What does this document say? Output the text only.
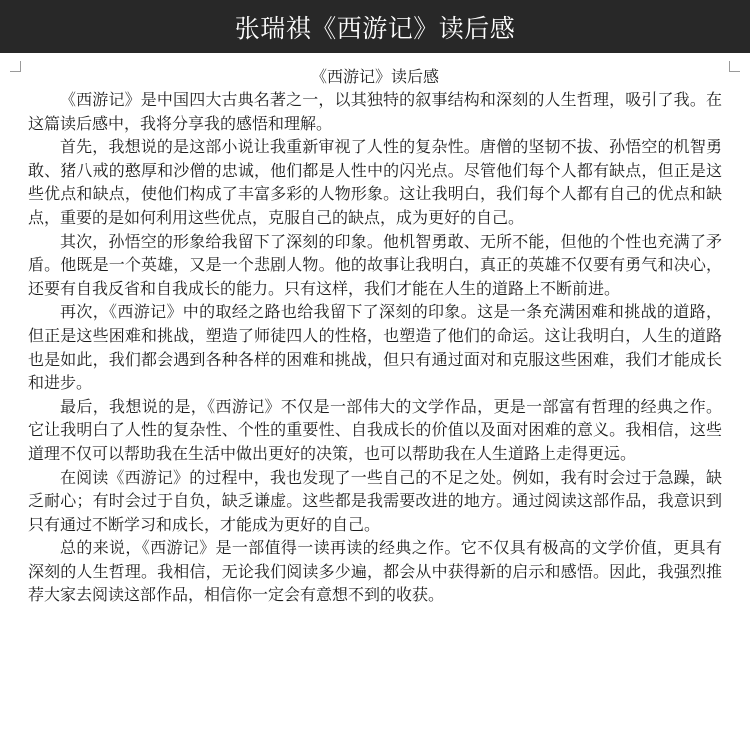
张瑞祺《西游记》读后感

《西游记》读后感

《西游记》是中国四大古典名著之一，以其独特的叙事结构和深刻的人生哲理，吸引了我。在这篇读后感中，我将分享我的感悟和理解。

首先，我想说的是这部小说让我重新审视了人性的复杂性。唐僧的坚韧不拔、孙悟空的机智勇敢、猪八戒的憨厚和沙僧的忠诚，他们都是人性中的闪光点。尽管他们每个人都有缺点，但正是这些优点和缺点，使他们构成了丰富多彩的人物形象。这让我明白，我们每个人都有自己的优点和缺点，重要的是如何利用这些优点，克服自己的缺点，成为更好的自己。

其次，孙悟空的形象给我留下了深刻的印象。他机智勇敢、无所不能，但他的个性也充满了矛盾。他既是一个英雄，又是一个悲剧人物。他的故事让我明白，真正的英雄不仅要有勇气和决心，还要有自我反省和自我成长的能力。只有这样，我们才能在人生的道路上不断前进。

再次，《西游记》中的取经之路也给我留下了深刻的印象。这是一条充满困难和挑战的道路，但正是这些困难和挑战，塑造了师徒四人的性格，也塑造了他们的命运。这让我明白，人生的道路也是如此，我们都会遇到各种各样的困难和挑战，但只有通过面对和克服这些困难，我们才能成长和进步。

最后，我想说的是，《西游记》不仅是一部伟大的文学作品，更是一部富有哲理的经典之作。它让我明白了人性的复杂性、个性的重要性、自我成长的价值以及面对困难的意义。我相信，这些道理不仅可以帮助我在生活中做出更好的决策，也可以帮助我在人生道路上走得更远。

在阅读《西游记》的过程中，我也发现了一些自己的不足之处。例如，我有时会过于急躁，缺乏耐心；有时会过于自负，缺乏谦虚。这些都是我需要改进的地方。通过阅读这部作品，我意识到只有通过不断学习和成长，才能成为更好的自己。

总的来说，《西游记》是一部值得一读再读的经典之作。它不仅具有极高的文学价值，更具有深刻的人生哲理。我相信，无论我们阅读多少遍，都会从中获得新的启示和感悟。因此，我强烈推荐大家去阅读这部作品，相信你一定会有意想不到的收获。
